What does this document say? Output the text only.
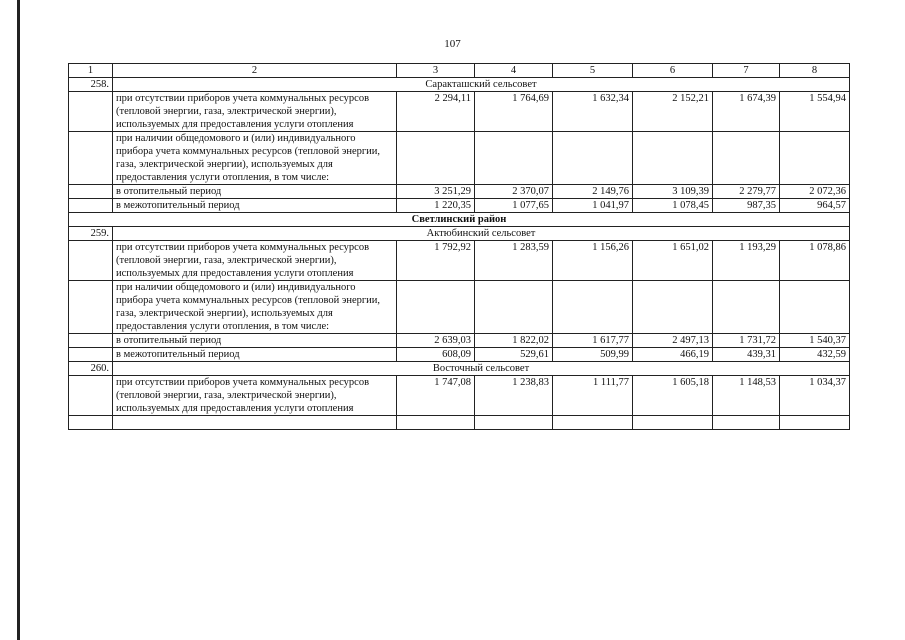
107
1	2	3	4	5	6	7	8
258.	Саракташский сельсовет						
	при отсутствии приборов учета коммунальных ресурсов (тепловой энергии, газа, электрической энергии), используемых для предоставления услуги отопления	2 294,11	1 764,69	1 632,34	2 152,21	1 674,39	1 554,94
	при наличии общедомового и (или) индивидуального прибора учета коммунальных ресурсов (тепловой энергии, газа, электрической энергии), используемых для предоставления услуги отопления, в том числе:						
	в отопительный период	3 251,29	2 370,07	2 149,76	3 109,39	2 279,77	2 072,36
	в межотопительный период	1 220,35	1 077,65	1 041,97	1 078,45	987,35	964,57
Светлинский район							
259.	Актюбинский сельсовет						
	при отсутствии приборов учета коммунальных ресурсов (тепловой энергии, газа, электрической энергии), используемых для предоставления услуги отопления	1 792,92	1 283,59	1 156,26	1 651,02	1 193,29	1 078,86
	при наличии общедомового и (или) индивидуального прибора учета коммунальных ресурсов (тепловой энергии, газа, электрической энергии), используемых для предоставления услуги отопления, в том числе:						
	в отопительный период	2 639,03	1 822,02	1 617,77	2 497,13	1 731,72	1 540,37
	в межотопительный период	608,09	529,61	509,99	466,19	439,31	432,59
260.	Восточный сельсовет						
	при отсутствии приборов учета коммунальных ресурсов (тепловой энергии, газа, электрической энергии), используемых для предоставления услуги отопления	1 747,08	1 238,83	1 111,77	1 605,18	1 148,53	1 034,37
